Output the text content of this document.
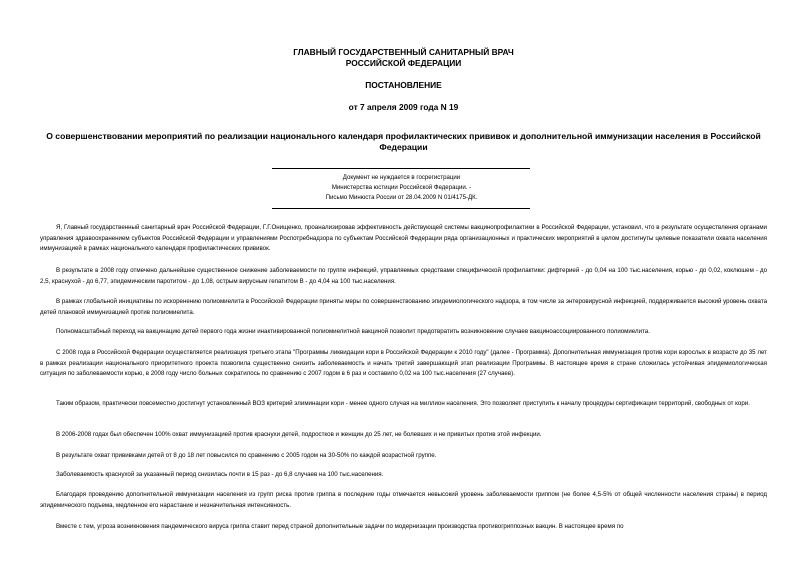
ГЛАВНЫЙ ГОСУДАРСТВЕННЫЙ САНИТАРНЫЙ ВРАЧ
РОССИЙСКОЙ ФЕДЕРАЦИИ
ПОСТАНОВЛЕНИЕ
от 7 апреля 2009 года N 19
О совершенствовании мероприятий по реализации национального календаря профилактических прививок и дополнительной иммунизации населения в Российской Федерации
Документ не нуждается в госрегистрации
Министерства юстиции Российской Федерации. -
Письмо Минюста России от 28.04.2009 N 01/4175-ДК.
Я, Главный государственный санитарный врач Российской Федерации, Г.Г.Онищенко, проанализировав эффективность действующей системы вакцинопрофилактики в Российской Федерации, установил, что в результате осуществления органами управления здравоохранением субъектов Российской Федерации и управлениями Роспотребнадзора по субъектам Российской Федерации ряда организационных и практических мероприятий в целом достигнуты целевые показатели охвата населения иммунизацией в рамках национального календаря профилактических прививок.
В результате в 2008 году отмечено дальнейшее существенное снижение заболеваемости по группе инфекций, управляемых средствами специфической профилактики: дифтерией - до 0,04 на 100 тыс.населения, корью - до 0,02, коклюшем - до 2,5, краснухой - до 6,77, эпидемическим паротитом - до 1,08, острым вирусным гепатитом В - до 4,04 на 100 тыс.населения.
В рамках глобальной инициативы по искоренению полиомиелита в Российской Федерации приняты меры по совершенствованию эпидемиологического надзора, в том числе за энтеровирусной инфекцией, поддерживается высокий уровень охвата детей плановой иммунизацией против полиомиелита.
Полномасштабный переход на вакцинацию детей первого года жизни инактивированной полиомиелитной вакциной позволит предотвратить возникновение случаев вакциноассоциированного полиомиелита.
С 2008 года в Российской Федерации осуществляется реализация третьего этапа "Программы ликвидации кори в Российской Федерации к 2010 году" (далее - Программа). Дополнительная иммунизация против кори взрослых в возрасте до 35 лет в рамках реализации национального приоритетного проекта позволила существенно снизить заболеваемость и начать третий завершающий этап реализации Программы. В настоящее время в стране сложилась устойчивая эпидемиологическая ситуация по заболеваемости корью, в 2008 году число больных сократилось по сравнению с 2007 годом в 6 раз и составило 0,02 на 100 тыс.населения (27 случаев).
Таким образом, практически повсеместно достигнут установленный ВОЗ критерий элиминации кори - менее одного случая на миллион населения. Это позволяет приступить к началу процедуры сертификации территорий, свободных от кори.
В 2006-2008 годах был обеспечен 100% охват иммунизацией против краснухи детей, подростков и женщин до 25 лет, не болевших и не привитых против этой инфекции.
В результате охват прививками детей от 8 до 18 лет повысился по сравнению с 2005 годом на 30-50% по каждой возрастной группе.
Заболеваемость краснухой за указанный период снизилась почти в 15 раз - до 6,8 случаев на 100 тыс.населения.
Благодаря проведению дополнительной иммунизации населения из групп риска против гриппа в последние годы отмечается невысокий уровень заболеваемости гриппом (не более 4,5-5% от общей численности населения страны) в период эпидемического подъема, медленное его нарастание и незначительная интенсивность.
Вместе с тем, угроза возникновения пандемического вируса гриппа ставит перед страной дополнительные задачи по модернизации производства противогриппозных вакцин. В настоящее время по
